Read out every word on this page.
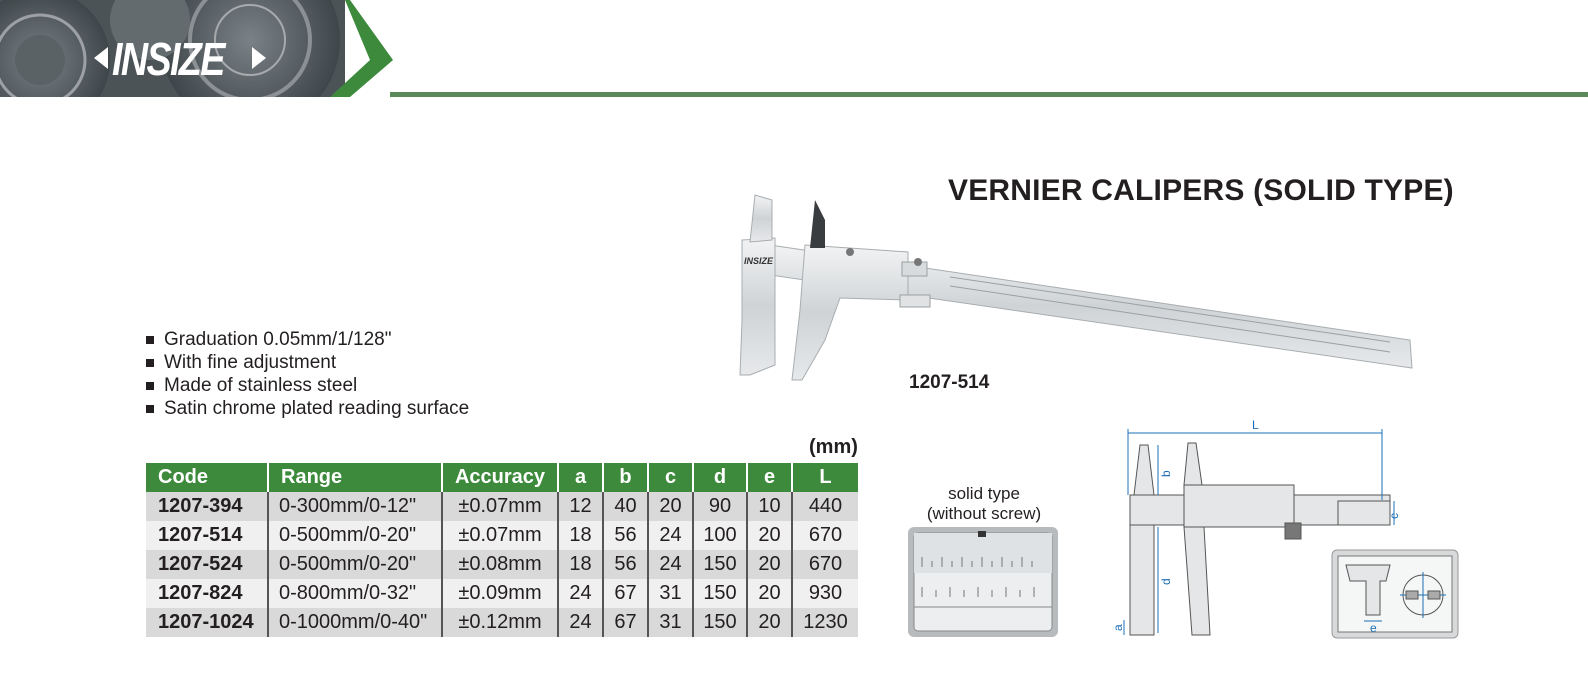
INSIZE
VERNIER CALIPERS (SOLID TYPE)
Graduation 0.05mm/1/128"
With fine adjustment
Made of stainless steel
Satin chrome plated reading surface
INSIZE
1207-514
(mm)
Code	Range	Accuracy	a	b	c	d	e	L
1207-394	0-300mm/0-12"	±0.07mm	12	40	20	90	10	440
1207-514	0-500mm/0-20"	±0.07mm	18	56	24	100	20	670
1207-524	0-500mm/0-20"	±0.08mm	18	56	24	150	20	670
1207-824	0-800mm/0-32"	±0.09mm	24	67	31	150	20	930
1207-1024	0-1000mm/0-40"	±0.12mm	24	67	31	150	20	1230
solid type
(without screw)
L
b
c
d
a	e
